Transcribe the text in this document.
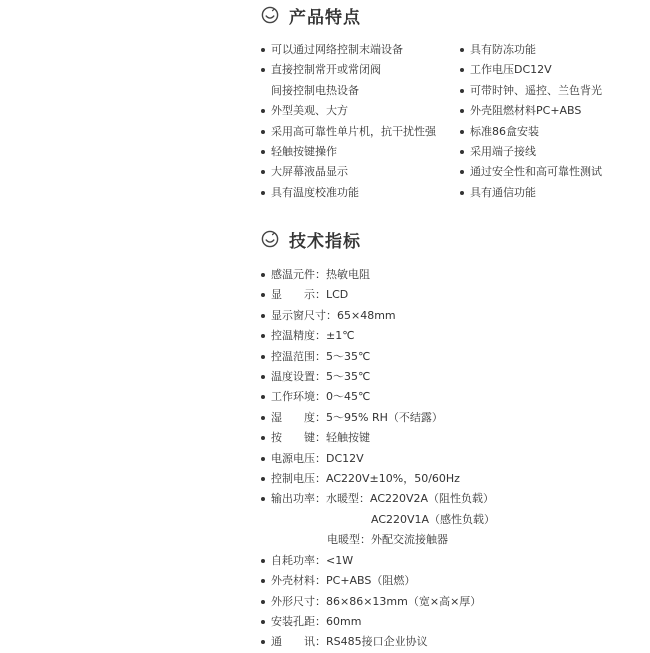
产品特点
可以通过网络控制末端设备
直接控制常开或常闭阀
间接控制电热设备
外型美观、大方
采用高可靠性单片机，抗干扰性强
轻触按键操作
大屏幕液晶显示
具有温度校准功能
具有防冻功能
工作电压DC12V
可带时钟、遥控、兰色背光
外壳阻燃材料PC+ABS
标准86盒安装
采用端子接线
通过安全性和高可靠性测试
具有通信功能
技术指标
感温元件： 热敏电阻
显　　示： LCD
显示窗尺寸： 65×48mm
控温精度： ±1℃
控温范围： 5～35℃
温度设置： 5～35℃
工作环境： 0～45℃
湿　　度： 5～95% RH（不结露）
按　　键： 轻触按键
电源电压： DC12V
控制电压： AC220V±10%，50/60Hz
输出功率： 水暖型：AC220V2A（阻性负载）
AC220V1A（感性负载）
电暖型：外配交流接触器
自耗功率： <1W
外壳材料： PC+ABS（阻燃）
外形尺寸： 86×86×13mm（宽×高×厚）
安装孔距： 60mm
通　　讯： RS485接口企业协议
